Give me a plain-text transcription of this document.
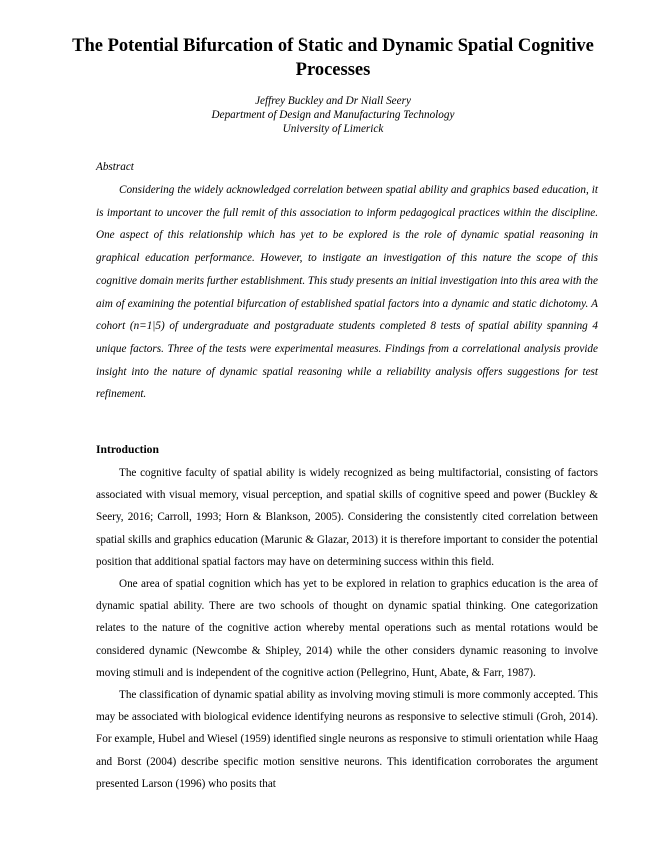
The Potential Bifurcation of Static and Dynamic Spatial Cognitive Processes
Jeffrey Buckley and Dr Niall Seery
Department of Design and Manufacturing Technology
University of Limerick
Abstract

Considering the widely acknowledged correlation between spatial ability and graphics based education, it is important to uncover the full remit of this association to inform pedagogical practices within the discipline. One aspect of this relationship which has yet to be explored is the role of dynamic spatial reasoning in graphical education performance. However, to instigate an investigation of this nature the scope of this cognitive domain merits further establishment. This study presents an initial investigation into this area with the aim of examining the potential bifurcation of established spatial factors into a dynamic and static dichotomy. A cohort (n=1|5) of undergraduate and postgraduate students completed 8 tests of spatial ability spanning 4 unique factors. Three of the tests were experimental measures. Findings from a correlational analysis provide insight into the nature of dynamic spatial reasoning while a reliability analysis offers suggestions for test refinement.

Introduction

The cognitive faculty of spatial ability is widely recognized as being multifactorial, consisting of factors associated with visual memory, visual perception, and spatial skills of cognitive speed and power (Buckley & Seery, 2016; Carroll, 1993; Horn & Blankson, 2005). Considering the consistently cited correlation between spatial skills and graphics education (Marunic & Glazar, 2013) it is therefore important to consider the potential position that additional spatial factors may have on determining success within this field.

One area of spatial cognition which has yet to be explored in relation to graphics education is the area of dynamic spatial ability. There are two schools of thought on dynamic spatial thinking. One categorization relates to the nature of the cognitive action whereby mental operations such as mental rotations would be considered dynamic (Newcombe & Shipley, 2014) while the other considers dynamic reasoning to involve moving stimuli and is independent of the cognitive action (Pellegrino, Hunt, Abate, & Farr, 1987).

The classification of dynamic spatial ability as involving moving stimuli is more commonly accepted. This may be associated with biological evidence identifying neurons as responsive to selective stimuli (Groh, 2014). For example, Hubel and Wiesel (1959) identified single neurons as responsive to stimuli orientation while Haag and Borst (2004) describe specific motion sensitive neurons. This identification corroborates the argument presented Larson (1996) who posits that
